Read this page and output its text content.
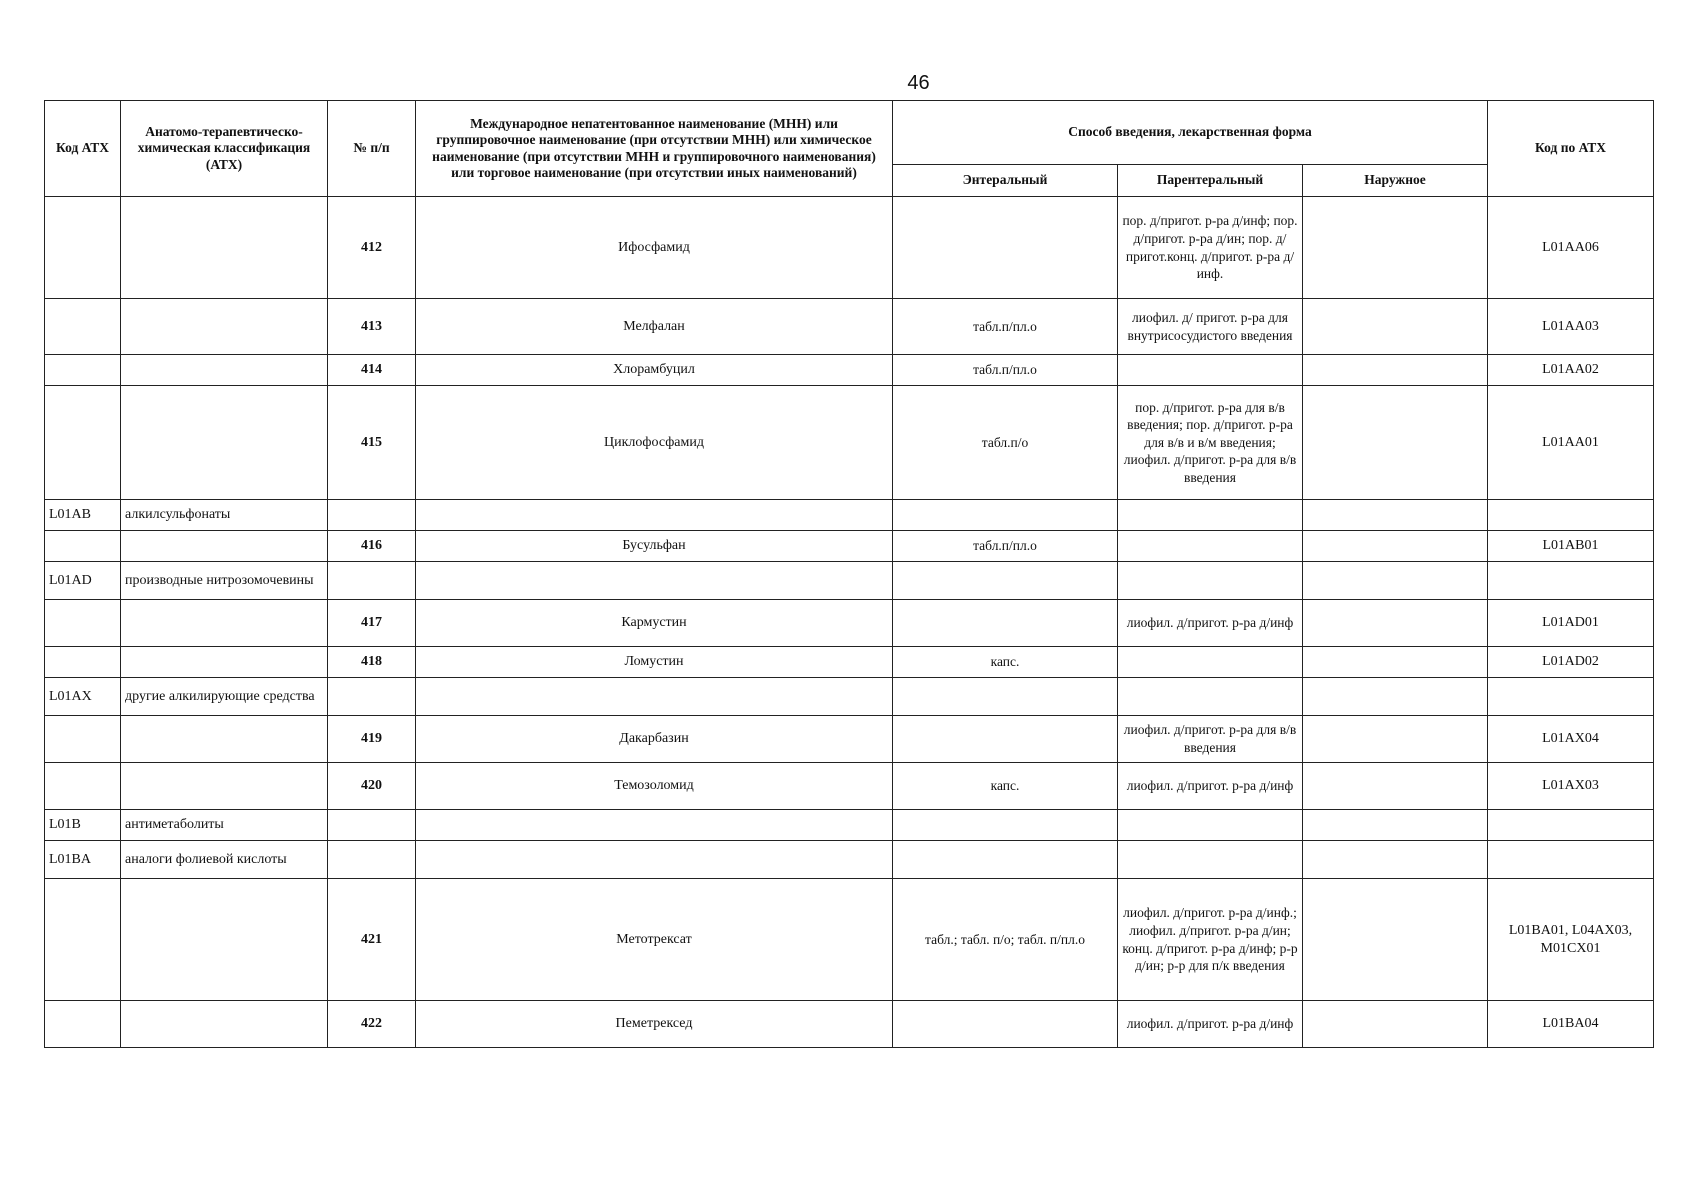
46
Код АТХ	Анатомо-терапевтическо-химическая классификация (АТХ)	№ п/п	Международное непатентованное наименование (МНН) или группировочное наименование (при отсутствии МНН) или химическое наименование (при отсутствии МНН и группировочного наименования) или торговое наименование (при отсутствии иных наименований)	Способ введения, лекарственная форма			Код по АТХ
				Энтеральный	Парентеральный	Наружное	
		412	Ифосфамид		пор. д/пригот. р-ра д/инф; пор. д/пригот. р-ра д/ин; пор. д/пригот.конц. д/пригот. р-ра д/инф.		L01AA06
		413	Мелфалан	табл.п/пл.о	лиофил. д/ пригот. р-ра для внутрисосудистого введения		L01AA03
		414	Хлорамбуцил	табл.п/пл.о			L01AA02
		415	Циклофосфамид	табл.п/о	пор. д/пригот. р-ра для в/в введения; пор. д/пригот. р-ра для в/в и в/м введения; лиофил. д/пригот. р-ра для в/в введения		L01AA01
L01AB	алкилсульфонаты						
		416	Бусульфан	табл.п/пл.о			L01AB01
L01AD	производные нитрозомочевины						
		417	Кармустин		лиофил. д/пригот. р-ра д/инф		L01AD01
		418	Ломустин	капс.			L01AD02
L01AX	другие алкилирующие средства						
		419	Дакарбазин		лиофил. д/пригот. р-ра для в/в введения		L01AX04
		420	Темозоломид	капс.	лиофил. д/пригот. р-ра д/инф		L01AX03
L01B	антиметаболиты						
L01BA	аналоги фолиевой кислоты						
		421	Метотрексат	табл.; табл. п/о; табл. п/пл.о	лиофил. д/пригот. р-ра д/инф.; лиофил. д/пригот. р-ра д/ин; конц. д/пригот. р-ра д/инф; р-р д/ин; р-р для п/к введения		L01BA01, L04AX03, M01CX01
		422	Пеметрексед		лиофил. д/пригот. р-ра д/инф		L01BA04
